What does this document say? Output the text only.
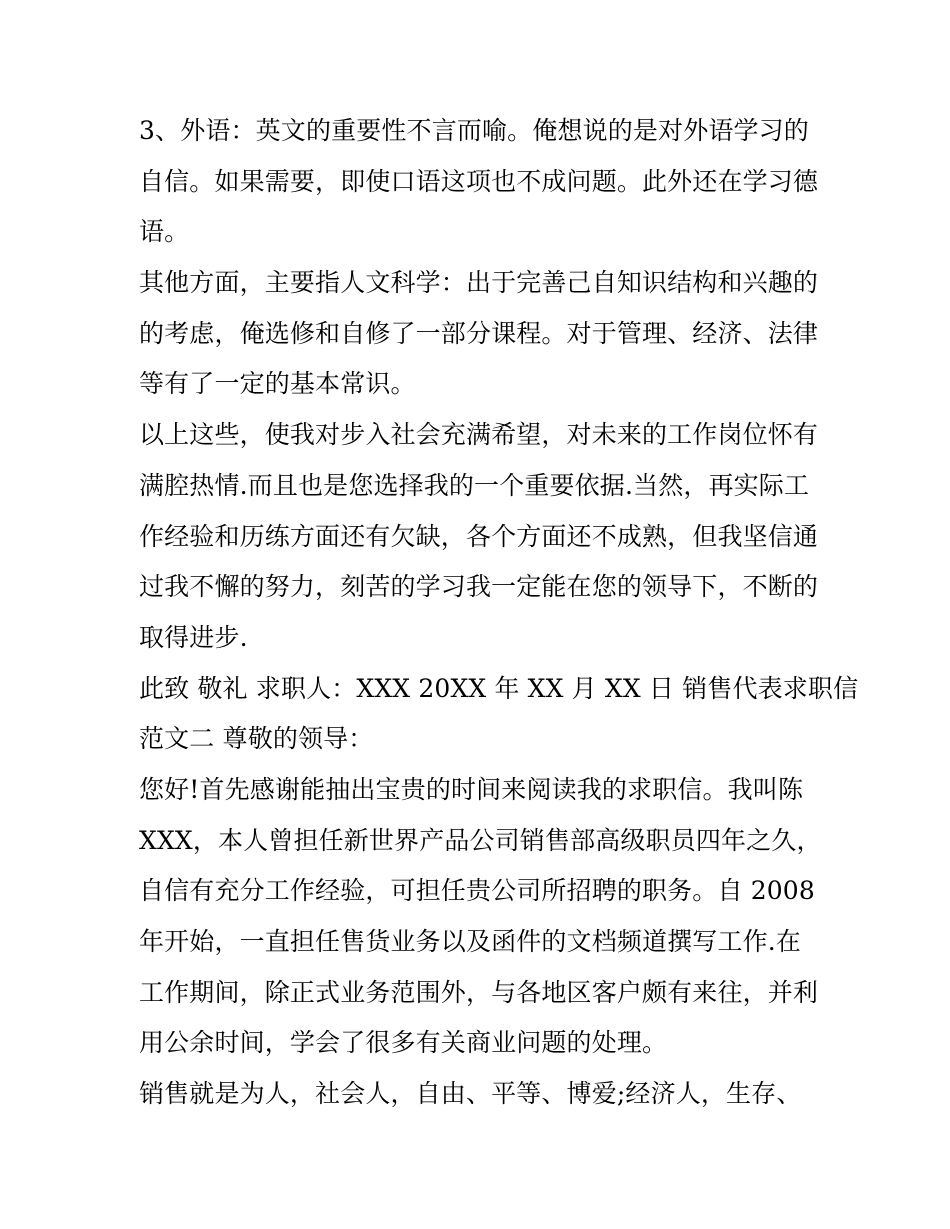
3、外语：英文的重要性不言而喻。俺想说的是对外语学习的
自信。如果需要，即使口语这项也不成问题。此外还在学习德
语。

其他方面，主要指人文科学：出于完善己自知识结构和兴趣的
的考虑，俺选修和自修了一部分课程。对于管理、经济、法律
等有了一定的基本常识。

以上这些，使我对步入社会充满希望，对未来的工作岗位怀有
满腔热情.而且也是您选择我的一个重要依据.当然，再实际工
作经验和历练方面还有欠缺，各个方面还不成熟，但我坚信通
过我不懈的努力，刻苦的学习我一定能在您的领导下，不断的
取得进步.

此致 敬礼 求职人：XXX 20XX 年 XX 月 XX 日 销售代表求职信
范文二 尊敬的领导：

您好!首先感谢能抽出宝贵的时间来阅读我的求职信。我叫陈
XXX，本人曾担任新世界产品公司销售部高级职员四年之久，
自信有充分工作经验，可担任贵公司所招聘的职务。自 2008
年开始，一直担任售货业务以及函件的文档频道撰写工作.在
工作期间，除正式业务范围外，与各地区客户颇有来往，并利
用公余时间，学会了很多有关商业问题的处理。

销售就是为人，社会人，自由、平等、博爱;经济人，生存、
